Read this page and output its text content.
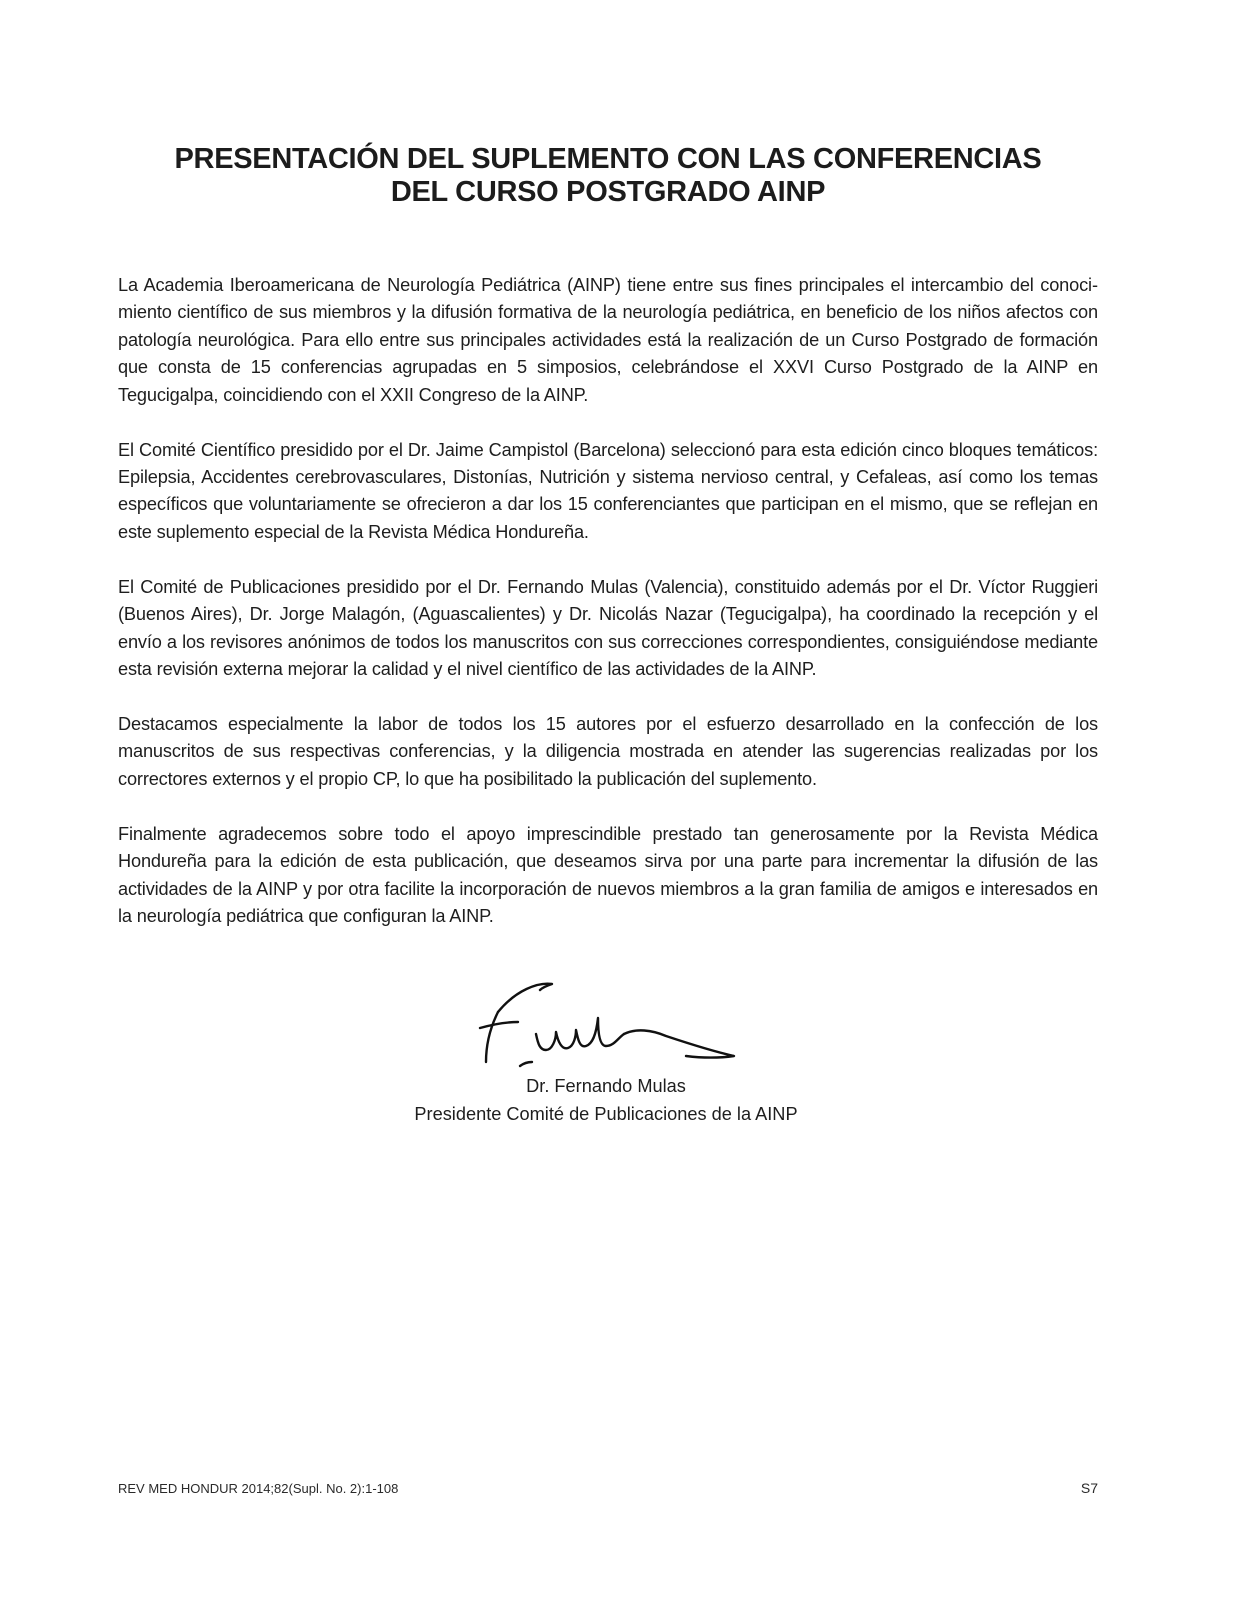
PRESENTACIÓN DEL SUPLEMENTO CON LAS CONFERENCIAS
DEL CURSO POSTGRADO AINP

La Academia Iberoamericana de Neurología Pediátrica (AINP) tiene entre sus fines principales el intercambio del conocimiento científico de sus miembros y la difusión formativa de la neurología pediátrica, en beneficio de los niños afectos con patología neurológica. Para ello entre sus principales actividades está la realización de un Curso Postgrado de formación que consta de 15 conferencias agrupadas en 5 simposios, celebrándose el XXVI Curso Postgrado de la AINP en Tegucigalpa, coincidiendo con el XXII Congreso de la AINP.

El Comité Científico presidido por el Dr. Jaime Campistol (Barcelona) seleccionó para esta edición cinco bloques temáticos: Epilepsia, Accidentes cerebrovasculares, Distonías, Nutrición y sistema nervioso central, y Cefaleas, así como los temas específicos que voluntariamente se ofrecieron a dar los 15 conferenciantes que participan en el mismo, que se reflejan en este suplemento especial de la Revista Médica Hondureña.

El Comité de Publicaciones presidido por el Dr. Fernando Mulas (Valencia), constituido además por el Dr. Víctor Ruggieri (Buenos Aires), Dr. Jorge Malagón, (Aguascalientes) y Dr. Nicolás Nazar (Tegucigalpa), ha coordinado la recepción y el envío a los revisores anónimos de todos los manuscritos con sus correcciones correspondientes, consiguiéndose mediante esta revisión externa mejorar la calidad y el nivel científico de las actividades de la AINP.

Destacamos especialmente la labor de todos los 15 autores por el esfuerzo desarrollado en la confección de los manuscritos de sus respectivas conferencias, y la diligencia mostrada en atender las sugerencias realizadas por los correctores externos y el propio CP, lo que ha posibilitado la publicación del suplemento.

Finalmente agradecemos sobre todo el apoyo imprescindible prestado tan generosamente por la Revista Médica Hondureña para la edición de esta publicación, que deseamos sirva por una parte para incrementar la difusión de las actividades de la AINP y por otra facilite la incorporación de nuevos miembros a la gran familia de amigos e interesados en la neurología pediátrica que configuran la AINP.

Dr. Fernando Mulas
Presidente Comité de Publicaciones de la AINP
REV MED HONDUR 2014;82(Supl. No. 2):1-108	S7
